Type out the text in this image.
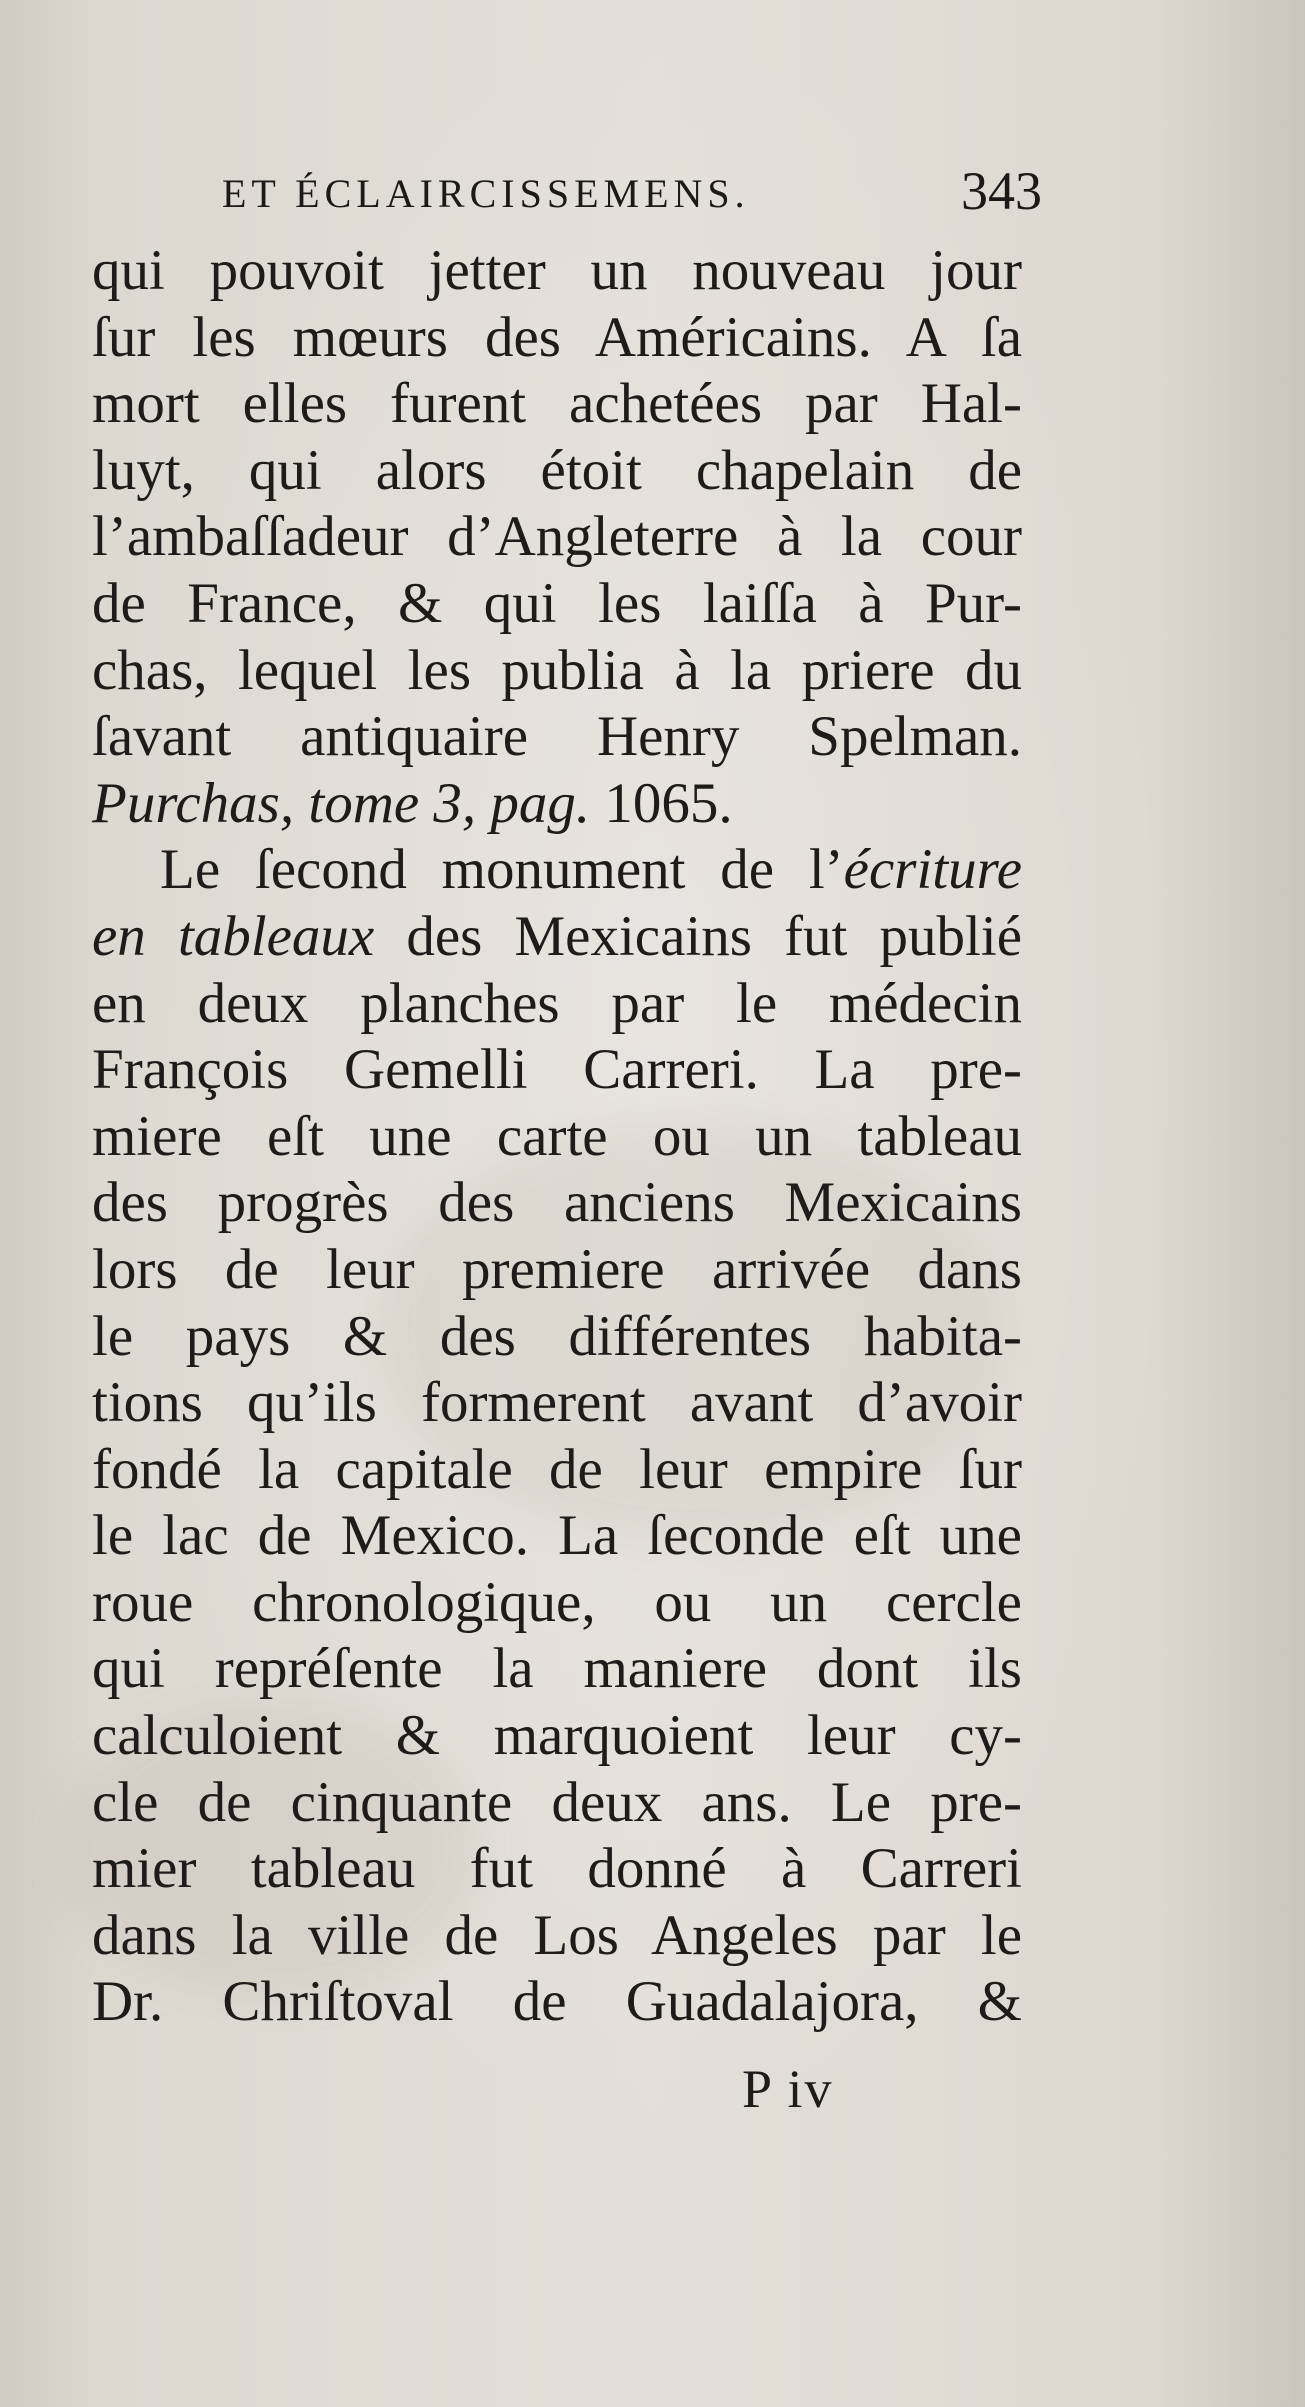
ET ÉCLAIRCISSEMENS.	343
qui pouvoit jetter un nouveau jour
ſur les mœurs des Américains. A ſa
mort elles furent achetées par Hal-
luyt, qui alors étoit chapelain de
l’ambaſſadeur d’Angleterre à la cour
de France, & qui les laiſſa à Pur-
chas, lequel les publia à la priere du
ſavant antiquaire Henry Spelman.
Purchas, tome 3, pag. 1065.
Le ſecond monument de l’écriture
en tableaux des Mexicains fut publié
en deux planches par le médecin
François Gemelli Carreri. La pre-
miere eſt une carte ou un tableau
des progrès des anciens Mexicains
lors de leur premiere arrivée dans
le pays & des différentes habita-
tions qu’ils formerent avant d’avoir
fondé la capitale de leur empire ſur
le lac de Mexico. La ſeconde eſt une
roue chronologique, ou un cercle
qui repréſente la maniere dont ils
calculoient & marquoient leur cy-
cle de cinquante deux ans. Le pre-
mier tableau fut donné à Carreri
dans la ville de Los Angeles par le
Dr. Chriſtoval de Guadalajora, &
P iv
